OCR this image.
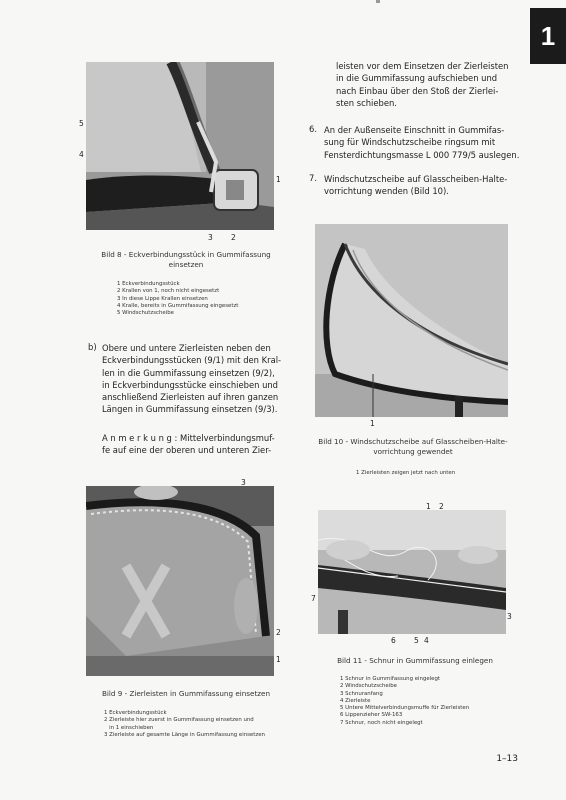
1
5
4
1
3 2
Bild 8 - Eckverbindungsstück in Gummifassung
einsetzen
1 Eckverbindungsstück
2 Krallen von 1, noch nicht eingesetzt
3 In diese Lippe Krallen einsetzen
4 Kralle, bereits in Gummifassung eingesetzt
5 Windschutzscheibe
b) Obere und untere Zierleisten neben den
Eckverbindungsstücken (9/1) mit den Kral-
len in die Gummifassung einsetzen (9/2),
in Eckverbindungsstücke einschieben und
anschließend Zierleisten auf ihren ganzen
Längen in Gummifassung einsetzen (9/3).
A n m e r k u n g : Mittelverbindungsmuf-
fe auf eine der oberen und unteren Zier-
leisten vor dem Einsetzen der Zierleisten
in die Gummifassung aufschieben und
nach Einbau über den Stoß der Zierlei-
sten schieben.
6. An der Außenseite Einschnitt in Gummifas-
sung für Windschutzscheibe ringsum mit
Fensterdichtungsmasse L 000 779/5 auslegen.
7. Windschutzscheibe auf Glasscheiben-Halte-
vorrichtung wenden (Bild 10).
1
Bild 10 - Windschutzscheibe auf Glasscheiben-Halte-
vorrichtung gewendet
1 Zierleisten zeigen jetzt nach unten
3
2
1
Bild 9 - Zierleisten in Gummifassung einsetzen
1 Eckverbindungsstück
2 Zierleiste hier zuerst in Gummifassung einsetzen und
in 1 einschieben
3 Zierleiste auf gesamte Länge in Gummifassung einsetzen
1 2
7
3
6 5 4
Bild 11 - Schnur in Gummifassung einlegen
1 Schnur in Gummifassung eingelegt
2 Windschutzscheibe
3 Schnuranfang
4 Zierleiste
5 Untere Mittelverbindungsmuffe für Zierleisten
6 Lippenzieher SW-163
7 Schnur, noch nicht eingelegt
1–13
